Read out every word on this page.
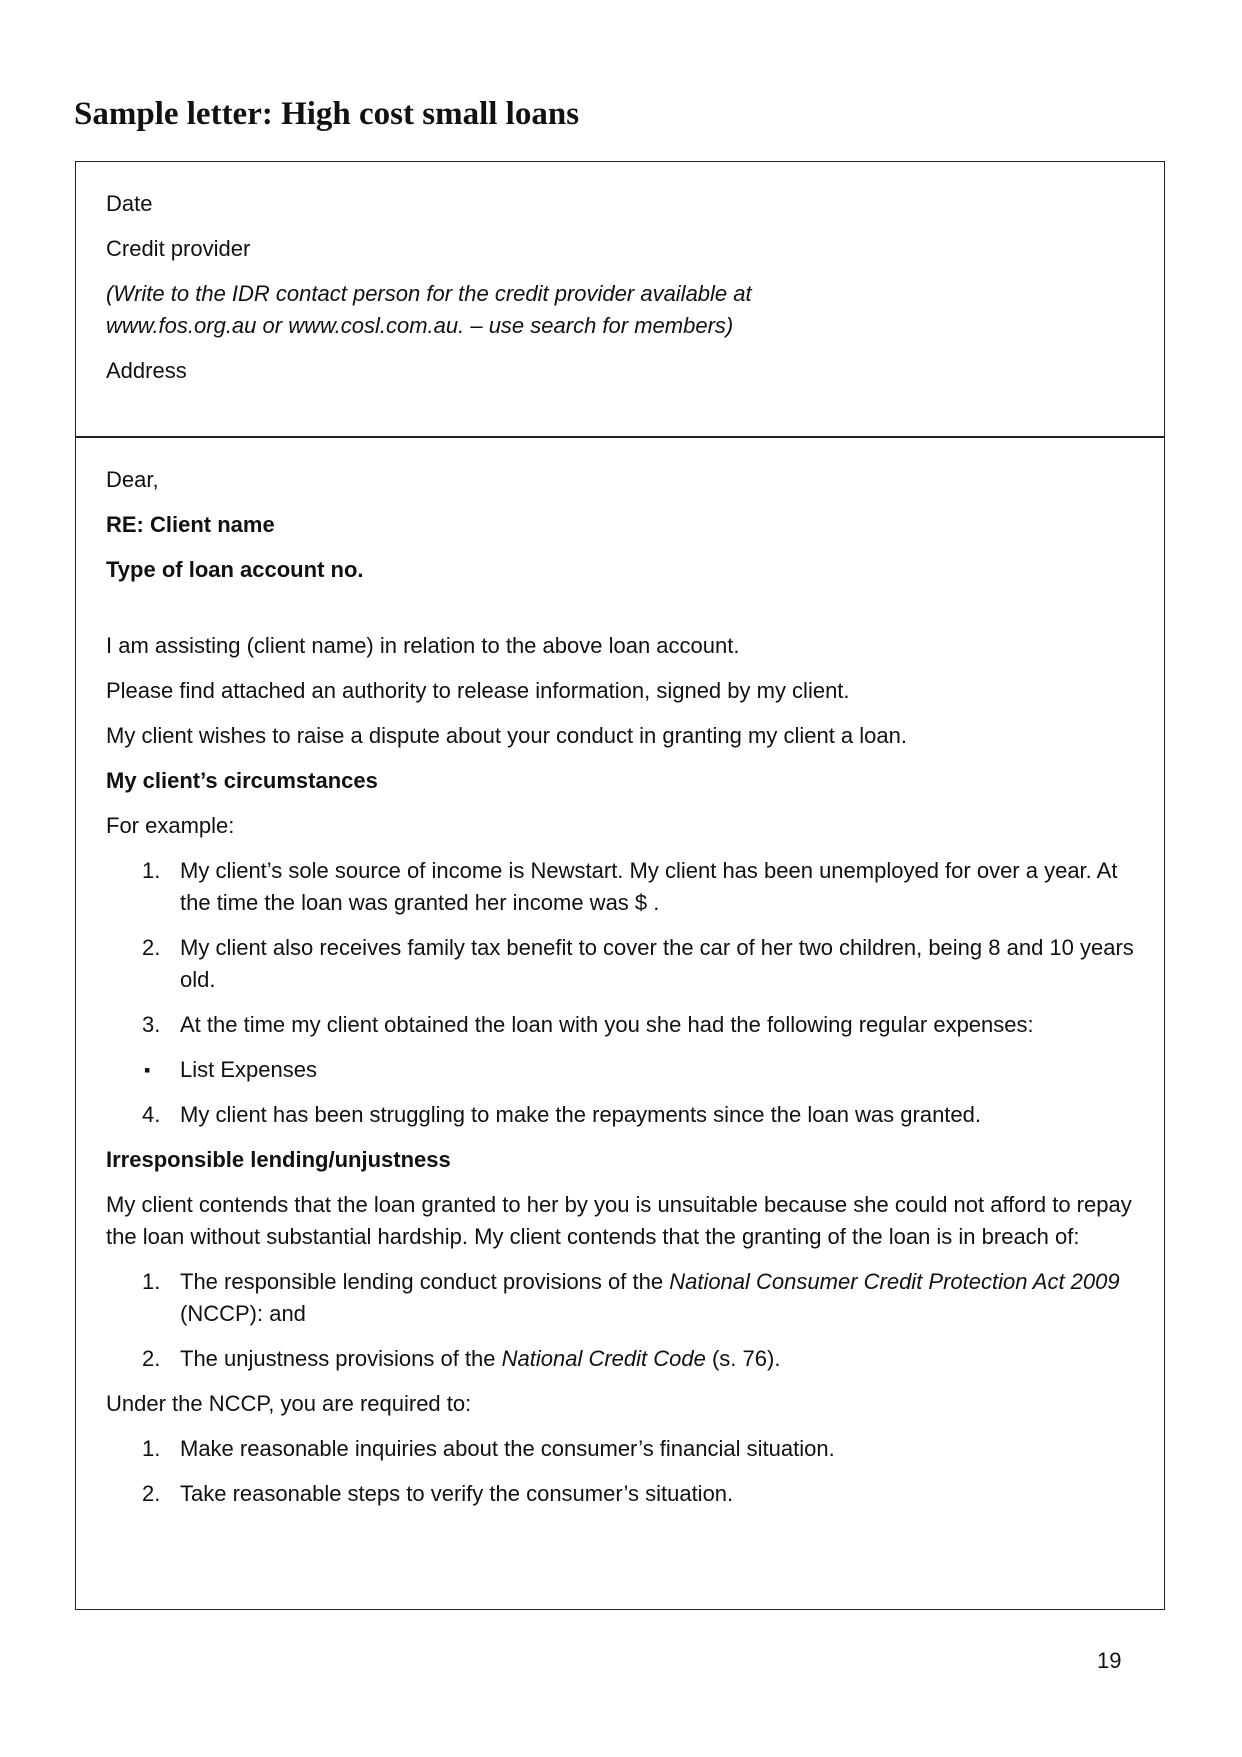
Sample letter: High cost small loans

Date

Credit provider

(Write to the IDR contact person for the credit provider available at

www.fos.org.au or www.cosl.com.au. – use search for members)

Address

Dear,

RE: Client name

Type of loan account no.

I am assisting (client name) in relation to the above loan account.

Please find attached an authority to release information, signed by my client.

My client wishes to raise a dispute about your conduct in granting my client a loan.

My client’s circumstances

For example:

1. My client’s sole source of income is Newstart. My client has been unemployed for over a year. At the time the loan was granted her income was $ .
2. My client also receives family tax benefit to cover the car of her two children, being 8 and 10 years old.
3. At the time my client obtained the loan with you she had the following regular expenses:
▪ List Expenses
4. My client has been struggling to make the repayments since the loan was granted.

Irresponsible lending/unjustness

My client contends that the loan granted to her by you is unsuitable because she could not afford to repay the loan without substantial hardship. My client contends that the granting of the loan is in breach of:

1. The responsible lending conduct provisions of the National Consumer Credit Protection Act 2009 (NCCP): and
2. The unjustness provisions of the National Credit Code (s. 76).

Under the NCCP, you are required to:

1. Make reasonable inquiries about the consumer’s financial situation.
2. Take reasonable steps to verify the consumer’s situation.
19
